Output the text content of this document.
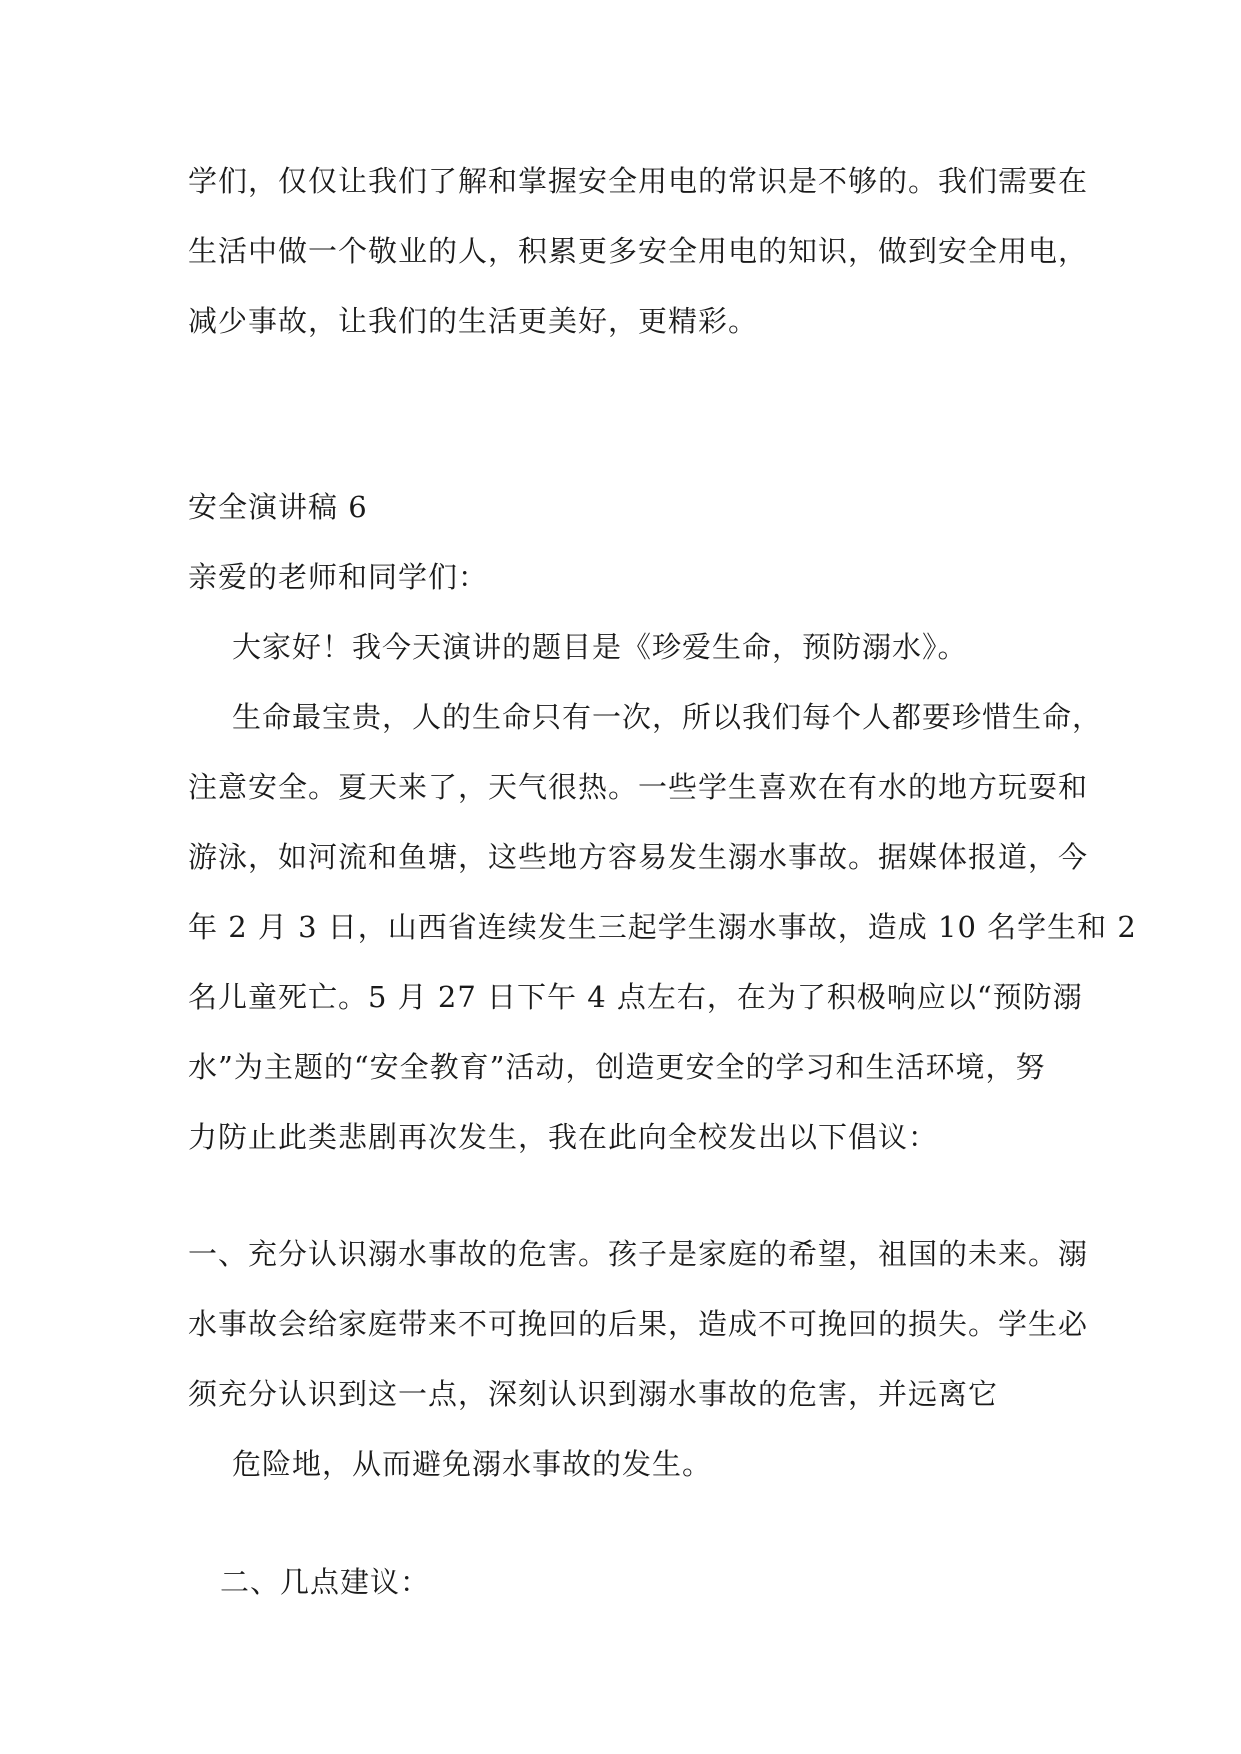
学们，仅仅让我们了解和掌握安全用电的常识是不够的。我们需要在
生活中做一个敬业的人，积累更多安全用电的知识，做到安全用电，
减少事故，让我们的生活更美好，更精彩。
安全演讲稿 6
亲爱的老师和同学们：
大家好！我今天演讲的题目是《珍爱生命，预防溺水》。
生命最宝贵，人的生命只有一次，所以我们每个人都要珍惜生命，
注意安全。夏天来了，天气很热。一些学生喜欢在有水的地方玩耍和
游泳，如河流和鱼塘，这些地方容易发生溺水事故。据媒体报道，今
年 2 月 3 日，山西省连续发生三起学生溺水事故，造成 10 名学生和 2
名儿童死亡。5 月 27 日下午 4 点左右，在为了积极响应以“预防溺
水”为主题的“安全教育”活动，创造更安全的学习和生活环境，努
力防止此类悲剧再次发生，我在此向全校发出以下倡议：
一、充分认识溺水事故的危害。孩子是家庭的希望，祖国的未来。溺
水事故会给家庭带来不可挽回的后果，造成不可挽回的损失。学生必
须充分认识到这一点，深刻认识到溺水事故的危害，并远离它
危险地，从而避免溺水事故的发生。
二、几点建议：
